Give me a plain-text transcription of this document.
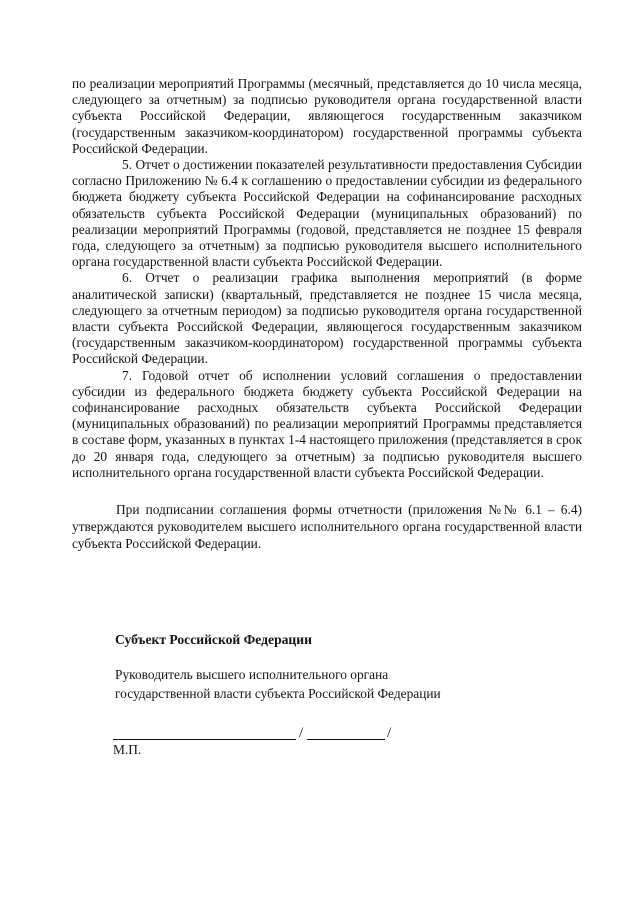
по реализации мероприятий Программы (месячный, представляется до 10 числа месяца, следующего за отчетным) за подписью руководителя органа государственной власти субъекта Российской Федерации, являющегося государственным заказчиком (государственным заказчиком-координатором) государственной программы субъекта Российской Федерации.

5. Отчет о достижении показателей результативности предоставления Субсидии согласно Приложению № 6.4 к соглашению о предоставлении субсидии из федерального бюджета бюджету субъекта Российской Федерации на софинансирование расходных обязательств субъекта Российской Федерации (муниципальных образований) по реализации мероприятий Программы (годовой, представляется не позднее 15 февраля года, следующего за отчетным) за подписью руководителя высшего исполнительного органа государственной власти субъекта Российской Федерации.

6. Отчет о реализации графика выполнения мероприятий (в форме аналитической записки) (квартальный, представляется не позднее 15 числа месяца, следующего за отчетным периодом) за подписью руководителя органа государственной власти субъекта Российской Федерации, являющегося государственным заказчиком (государственным заказчиком-координатором) государственной программы субъекта Российской Федерации.

7. Годовой отчет об исполнении условий соглашения о предоставлении субсидии из федерального бюджета бюджету субъекта Российской Федерации на софинансирование расходных обязательств субъекта Российской Федерации (муниципальных образований) по реализации мероприятий Программы представляется в составе форм, указанных в пунктах 1-4 настоящего приложения (представляется в срок до 20 января года, следующего за отчетным) за подписью руководителя высшего исполнительного органа государственной власти субъекта Российской Федерации.

При подписании соглашения формы отчетности (приложения №№ 6.1 – 6.4) утверждаются руководителем высшего исполнительного органа государственной власти субъекта Российской Федерации.

Субъект Российской Федерации

Руководитель высшего исполнительного органа

государственной власти субъекта Российской Федерации

/	/

М.П.
